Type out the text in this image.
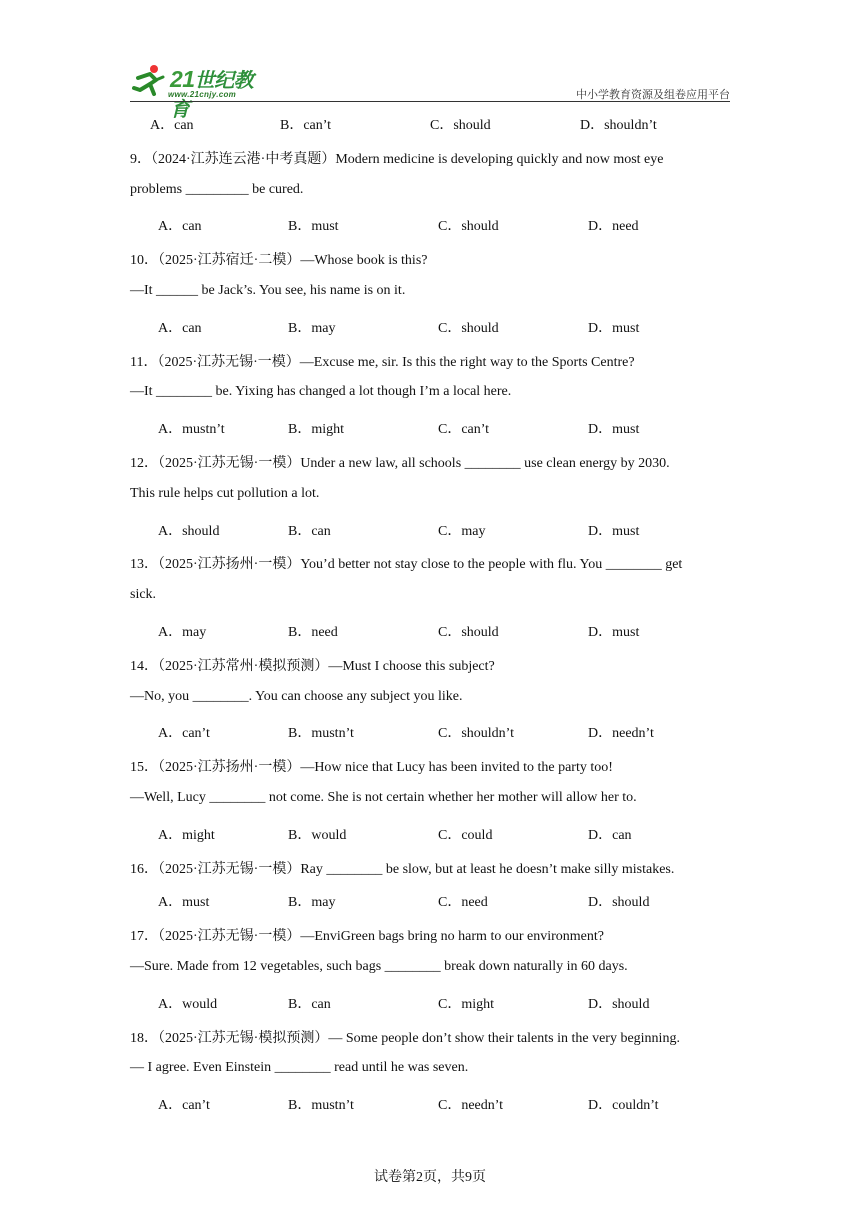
21世纪教育
www.21cnjy.com	中小学教育资源及组卷应用平台
A．can	B．can’t	C．should	D．shouldn’t
9．（2024·江苏连云港·中考真题）Modern medicine is developing quickly and now most eye
problems _________ be cured.
A．can	B．must	C．should	D．need
10．（2025·江苏宿迁·二模）—Whose book is this?
—It ______ be Jack’s. You see, his name is on it.
A．can	B．may	C．should	D．must
11．（2025·江苏无锡·一模）—Excuse me, sir. Is this the right way to the Sports Centre?
—It ________ be. Yixing has changed a lot though I’m a local here.
A．mustn’t	B．might	C．can’t	D．must
12．（2025·江苏无锡·一模）Under a new law, all schools ________ use clean energy by 2030.
This rule helps cut pollution a lot.
A．should	B．can	C．may	D．must
13．（2025·江苏扬州·一模）You’d better not stay close to the people with flu. You ________ get
sick.
A．may	B．need	C．should	D．must
14．（2025·江苏常州·模拟预测）—Must I choose this subject?
—No, you ________. You can choose any subject you like.
A．can’t	B．mustn’t	C．shouldn’t	D．needn’t
15．（2025·江苏扬州·一模）—How nice that Lucy has been invited to the party too!
—Well, Lucy ________ not come. She is not certain whether her mother will allow her to.
A．might	B．would	C．could	D．can
16．（2025·江苏无锡·一模）Ray ________ be slow, but at least he doesn’t make silly mistakes.
A．must	B．may	C．need	D．should
17．（2025·江苏无锡·一模）—EnviGreen bags bring no harm to our environment?
—Sure. Made from 12 vegetables, such bags ________ break down naturally in 60 days.
A．would	B．can	C．might	D．should
18．（2025·江苏无锡·模拟预测）— Some people don’t show their talents in the very beginning.
— I agree. Even Einstein ________ read until he was seven.
A．can’t	B．mustn’t	C．needn’t	D．couldn’t
试卷第2页，共9页
